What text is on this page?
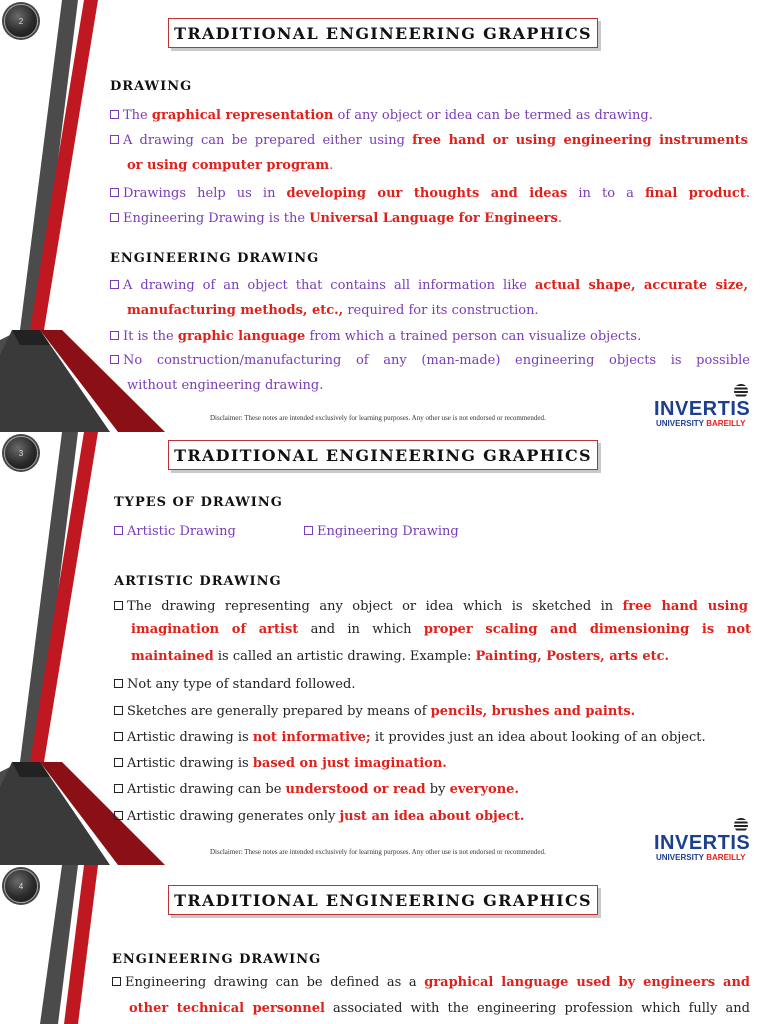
2
TRADITIONAL ENGINEERING GRAPHICS
DRAWING
The graphical representation of any object or idea can be termed as drawing.
A drawing can be prepared either using free hand or using engineering instruments
or using computer program.
Drawings help us in developing our thoughts and ideas in to a final product.
Engineering Drawing is the Universal Language for Engineers.
ENGINEERING DRAWING
A drawing of an object that contains all information like actual shape, accurate size,
manufacturing methods, etc., required for its construction.
It is the graphic language from which a trained person can visualize objects.
No construction/manufacturing of any (man-made) engineering objects is possible
without engineering drawing.
Disclaimer: These notes are intended exclusively for learning purposes. Any other use is not endorsed or recommended.	INVERTIS
UNIVERSITY BAREILLY
3	TRADITIONAL ENGINEERING GRAPHICS
TYPES OF DRAWING
Artistic Drawing	Engineering Drawing
ARTISTIC DRAWING
The drawing representing any object or idea which is sketched in free hand using
imagination of artist and in which proper scaling and dimensioning is not
maintained is called an artistic drawing. Example: Painting, Posters, arts etc.
Not any type of standard followed.
Sketches are generally prepared by means of pencils, brushes and paints.
Artistic drawing is not informative; it provides just an idea about looking of an object.
Artistic drawing is based on just imagination.
Artistic drawing can be understood or read by everyone.
Artistic drawing generates only just an idea about object.
Disclaimer: These notes are intended exclusively for learning purposes. Any other use is not endorsed or recommended.	INVERTIS
UNIVERSITY BAREILLY
4
TRADITIONAL ENGINEERING GRAPHICS
ENGINEERING DRAWING
Engineering drawing can be defined as a graphical language used by engineers and
other technical personnel associated with the engineering profession which fully and
